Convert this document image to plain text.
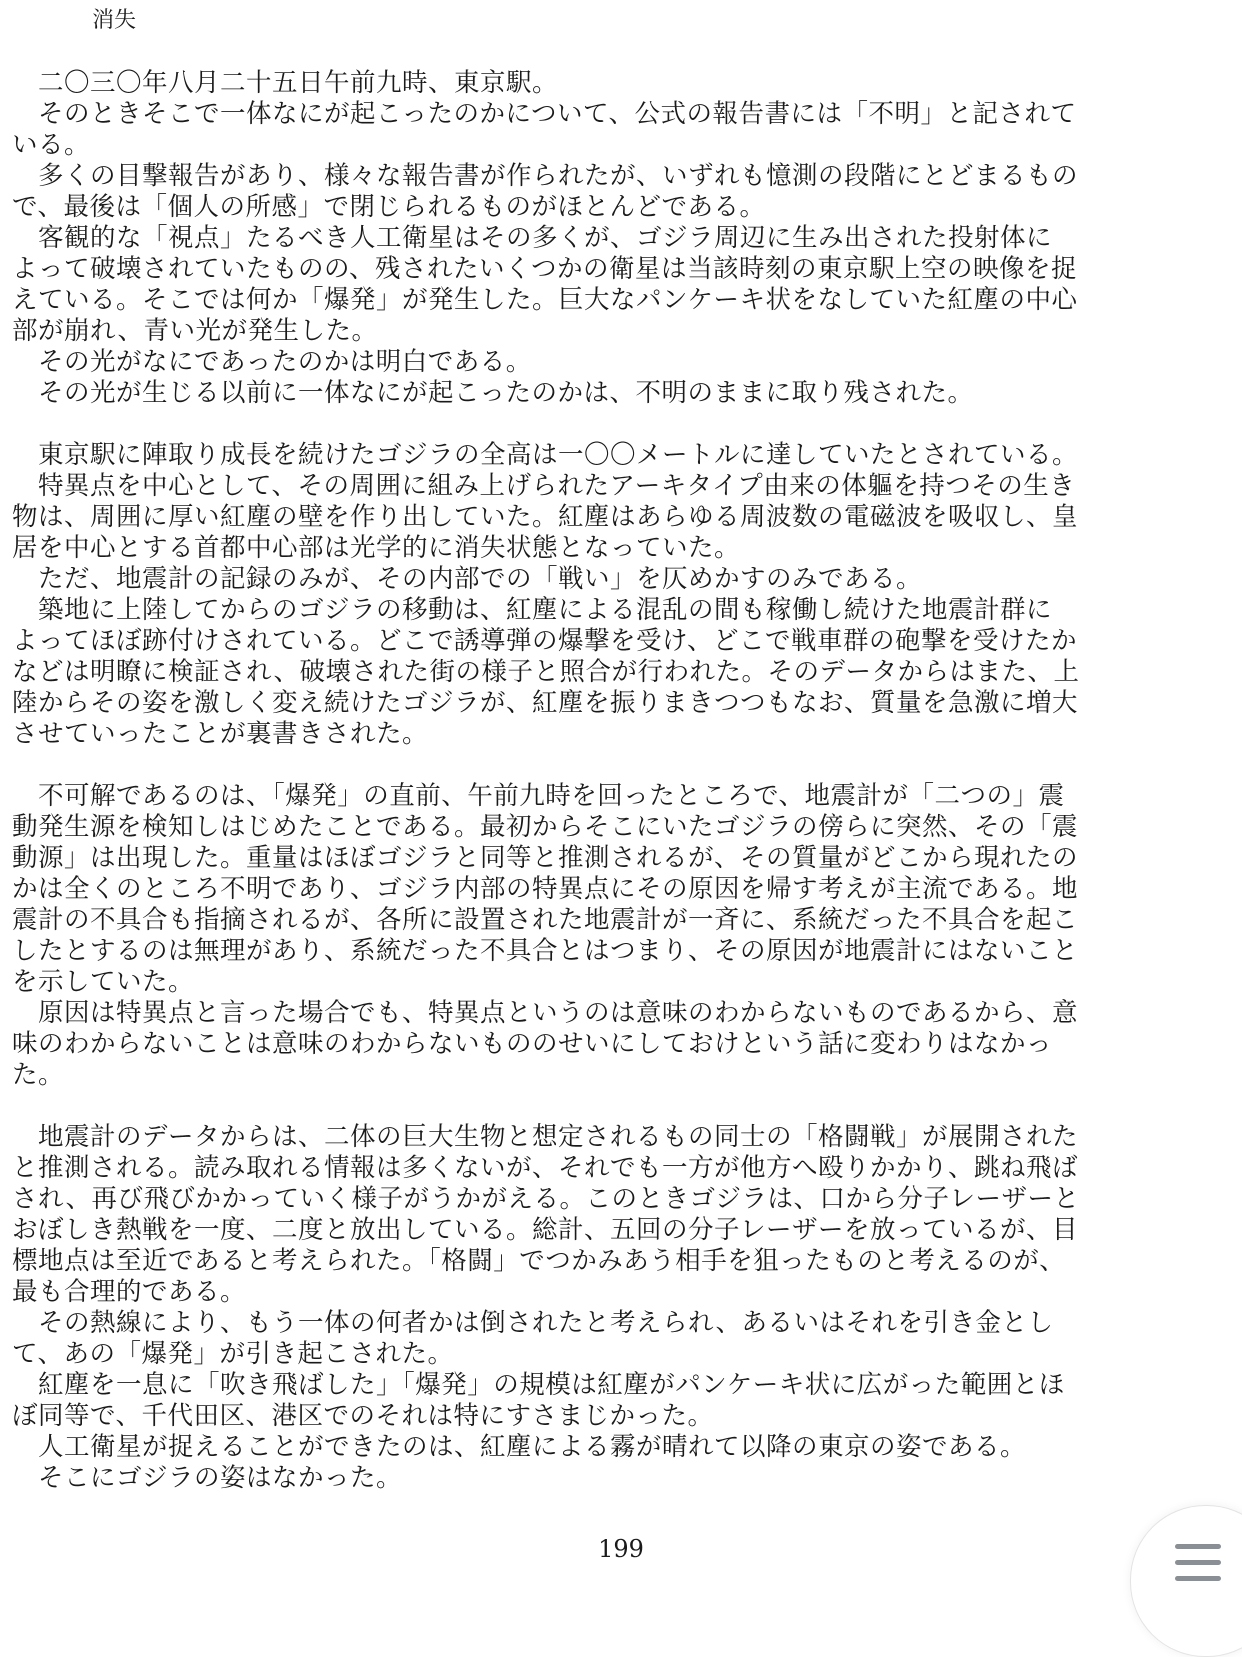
消失
　二〇三〇年八月二十五日午前九時、東京駅。
　そのときそこで一体なにが起こったのかについて、公式の報告書には「不明」と記されて
いる。
　多くの目撃報告があり、様々な報告書が作られたが、いずれも憶測の段階にとどまるもの
で、最後は「個人の所感」で閉じられるものがほとんどである。
　客観的な「視点」たるべき人工衛星はその多くが、ゴジラ周辺に生み出された投射体に
よって破壊されていたものの、残されたいくつかの衛星は当該時刻の東京駅上空の映像を捉
えている。そこでは何か「爆発」が発生した。巨大なパンケーキ状をなしていた紅塵の中心
部が崩れ、青い光が発生した。
　その光がなにであったのかは明白である。
　その光が生じる以前に一体なにが起こったのかは、不明のままに取り残された。
　東京駅に陣取り成長を続けたゴジラの全高は一〇〇メートルに達していたとされている。
　特異点を中心として、その周囲に組み上げられたアーキタイプ由来の体軀を持つその生き
物は、周囲に厚い紅塵の壁を作り出していた。紅塵はあらゆる周波数の電磁波を吸収し、皇
居を中心とする首都中心部は光学的に消失状態となっていた。
　ただ、地震計の記録のみが、その内部での「戦い」を仄めかすのみである。
　築地に上陸してからのゴジラの移動は、紅塵による混乱の間も稼働し続けた地震計群に
よってほぼ跡付けされている。どこで誘導弾の爆撃を受け、どこで戦車群の砲撃を受けたか
などは明瞭に検証され、破壊された街の様子と照合が行われた。そのデータからはまた、上
陸からその姿を激しく変え続けたゴジラが、紅塵を振りまきつつもなお、質量を急激に増大
させていったことが裏書きされた。
　不可解であるのは、「爆発」の直前、午前九時を回ったところで、地震計が「二つの」震
動発生源を検知しはじめたことである。最初からそこにいたゴジラの傍らに突然、その「震
動源」は出現した。重量はほぼゴジラと同等と推測されるが、その質量がどこから現れたの
かは全くのところ不明であり、ゴジラ内部の特異点にその原因を帰す考えが主流である。地
震計の不具合も指摘されるが、各所に設置された地震計が一斉に、系統だった不具合を起こ
したとするのは無理があり、系統だった不具合とはつまり、その原因が地震計にはないこと
を示していた。
　原因は特異点と言った場合でも、特異点というのは意味のわからないものであるから、意
味のわからないことは意味のわからないもののせいにしておけという話に変わりはなかっ
た。
　地震計のデータからは、二体の巨大生物と想定されるもの同士の「格闘戦」が展開された
と推測される。読み取れる情報は多くないが、それでも一方が他方へ殴りかかり、跳ね飛ば
され、再び飛びかかっていく様子がうかがえる。このときゴジラは、口から分子レーザーと
おぼしき熱戦を一度、二度と放出している。総計、五回の分子レーザーを放っているが、目
標地点は至近であると考えられた。「格闘」でつかみあう相手を狙ったものと考えるのが、
最も合理的である。
　その熱線により、もう一体の何者かは倒されたと考えられ、あるいはそれを引き金とし
て、あの「爆発」が引き起こされた。
　紅塵を一息に「吹き飛ばした」「爆発」の規模は紅塵がパンケーキ状に広がった範囲とほ
ぼ同等で、千代田区、港区でのそれは特にすさまじかった。
　人工衛星が捉えることができたのは、紅塵による霧が晴れて以降の東京の姿である。
　そこにゴジラの姿はなかった。
199
